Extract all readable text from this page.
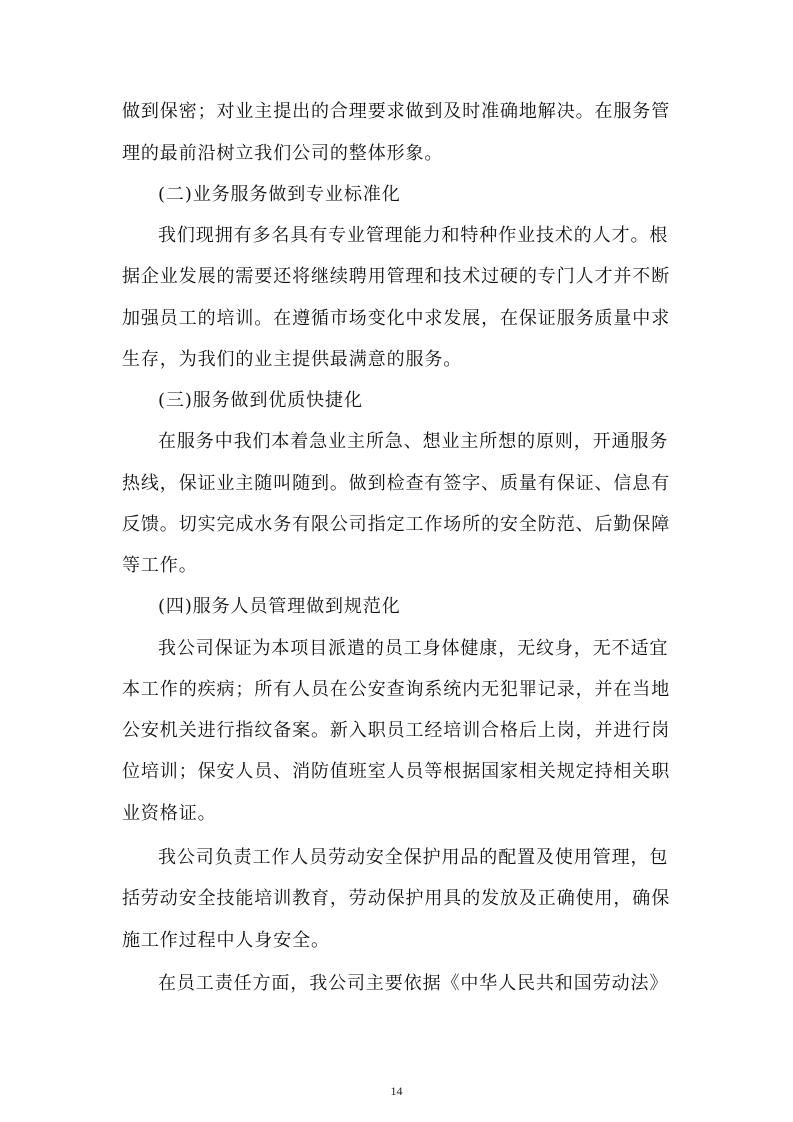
做到保密；对业主提出的合理要求做到及时准确地解决。在服务管
理的最前沿树立我们公司的整体形象。
(二)业务服务做到专业标准化
我们现拥有多名具有专业管理能力和特种作业技术的人才。根
据企业发展的需要还将继续聘用管理和技术过硬的专门人才并不断
加强员工的培训。在遵循市场变化中求发展，在保证服务质量中求
生存，为我们的业主提供最满意的服务。
(三)服务做到优质快捷化
在服务中我们本着急业主所急、想业主所想的原则，开通服务
热线，保证业主随叫随到。做到检查有签字、质量有保证、信息有
反馈。切实完成水务有限公司指定工作场所的安全防范、后勤保障
等工作。
(四)服务人员管理做到规范化
我公司保证为本项目派遣的员工身体健康，无纹身，无不适宜
本工作的疾病；所有人员在公安查询系统内无犯罪记录，并在当地
公安机关进行指纹备案。新入职员工经培训合格后上岗，并进行岗
位培训；保安人员、消防值班室人员等根据国家相关规定持相关职
业资格证。
我公司负责工作人员劳动安全保护用品的配置及使用管理，包
括劳动安全技能培训教育，劳动保护用具的发放及正确使用，确保
施工作过程中人身安全。
在员工责任方面，我公司主要依据《中华人民共和国劳动法》
14
